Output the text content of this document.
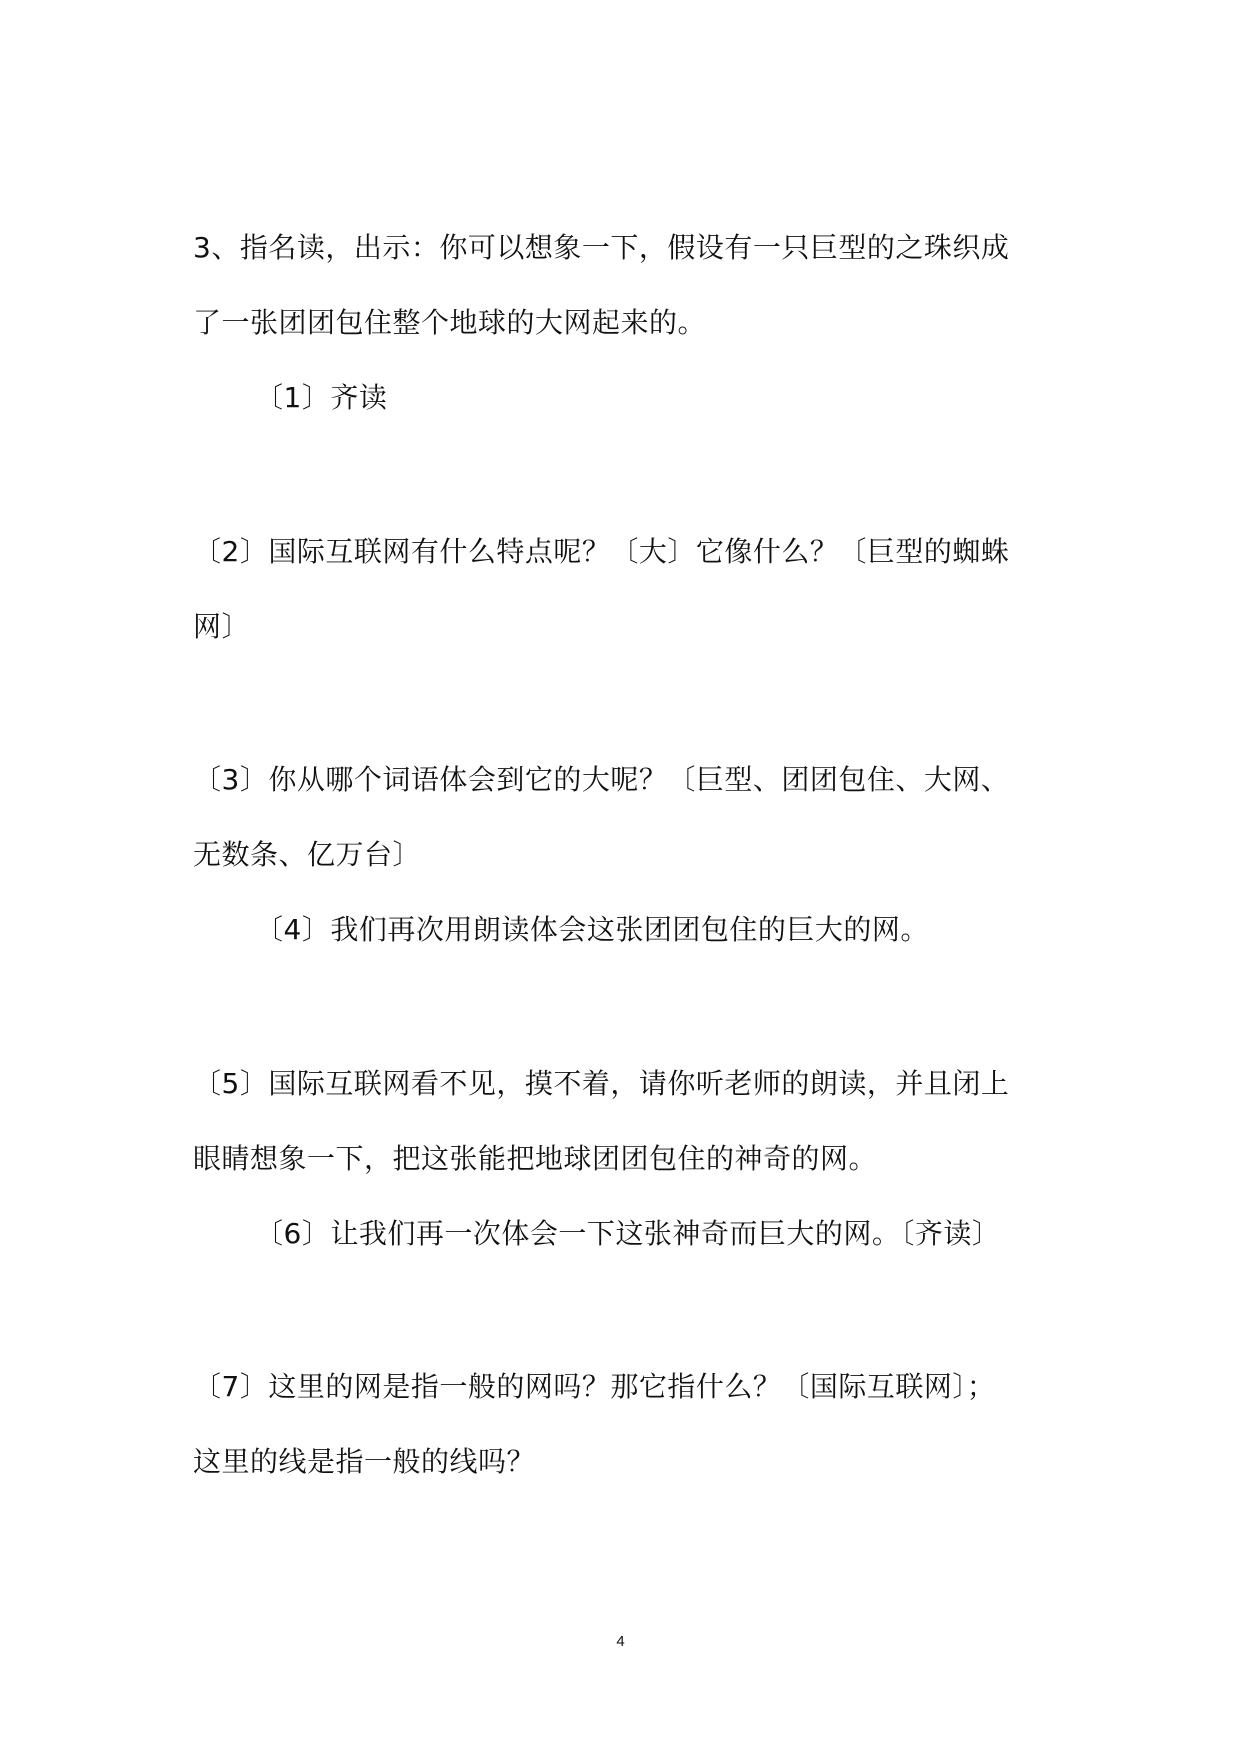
3、指名读，出示：你可以想象一下，假设有一只巨型的之珠织成
了一张团团包住整个地球的大网起来的。
〔1〕齐读
〔2〕国际互联网有什么特点呢？〔大〕它像什么？〔巨型的蜘蛛
网〕
〔3〕你从哪个词语体会到它的大呢？〔巨型、团团包住、大网、
无数条、亿万台〕
〔4〕我们再次用朗读体会这张团团包住的巨大的网。
〔5〕国际互联网看不见，摸不着，请你听老师的朗读，并且闭上
眼睛想象一下，把这张能把地球团团包住的神奇的网。
〔6〕让我们再一次体会一下这张神奇而巨大的网。〔齐读〕
〔7〕这里的网是指一般的网吗？那它指什么？〔国际互联网〕；
这里的线是指一般的线吗？
4
